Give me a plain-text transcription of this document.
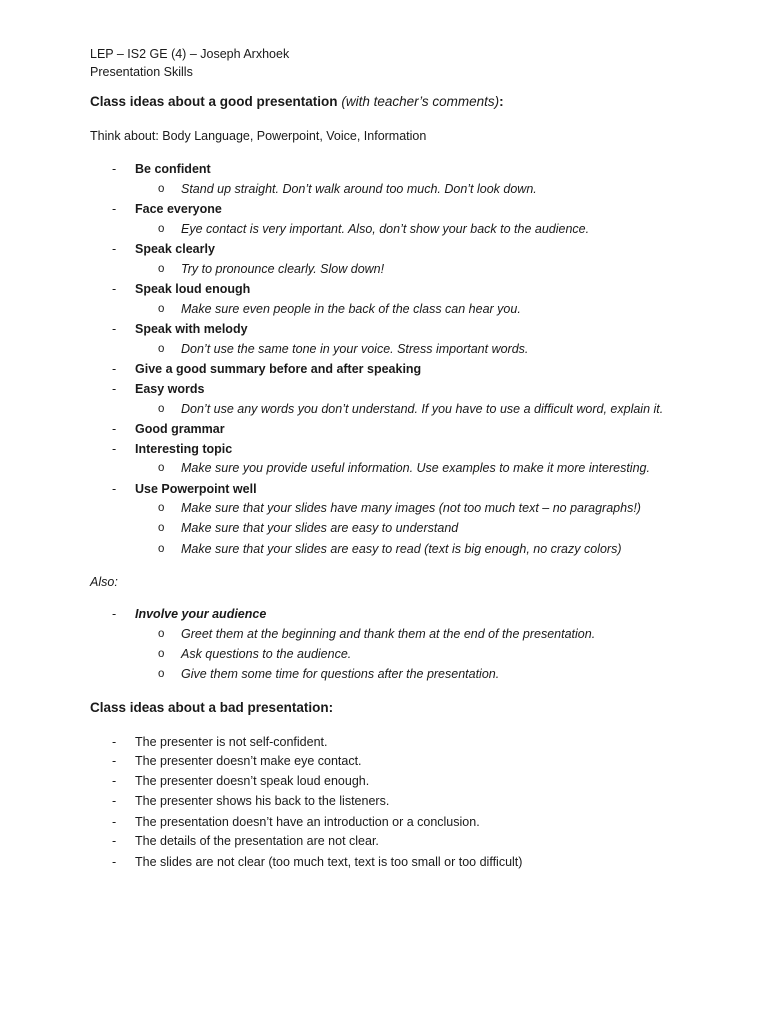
LEP – IS2 GE (4) – Joseph Arxhoek
Presentation Skills
Class ideas about a good presentation (with teacher’s comments):
Think about: Body Language, Powerpoint, Voice, Information
- Be confident
o Stand up straight. Don’t walk around too much. Don’t look down.
- Face everyone
o Eye contact is very important. Also, don’t show your back to the audience.
- Speak clearly
o Try to pronounce clearly. Slow down!
- Speak loud enough
o Make sure even people in the back of the class can hear you.
- Speak with melody
o Don’t use the same tone in your voice. Stress important words.
- Give a good summary before and after speaking
- Easy words
o Don’t use any words you don’t understand. If you have to use a difficult word, explain it.
- Good grammar
- Interesting topic
o Make sure you provide useful information. Use examples to make it more interesting.
- Use Powerpoint well
o Make sure that your slides have many images (not too much text – no paragraphs!)
o Make sure that your slides are easy to understand
o Make sure that your slides are easy to read (text is big enough, no crazy colors)
Also:
- Involve your audience
o Greet them at the beginning and thank them at the end of the presentation.
o Ask questions to the audience.
o Give them some time for questions after the presentation.
Class ideas about a bad presentation:
- The presenter is not self-confident.
- The presenter doesn’t make eye contact.
- The presenter doesn’t speak loud enough.
- The presenter shows his back to the listeners.
- The presentation doesn’t have an introduction or a conclusion.
- The details of the presentation are not clear.
- The slides are not clear (too much text, text is too small or too difficult)
